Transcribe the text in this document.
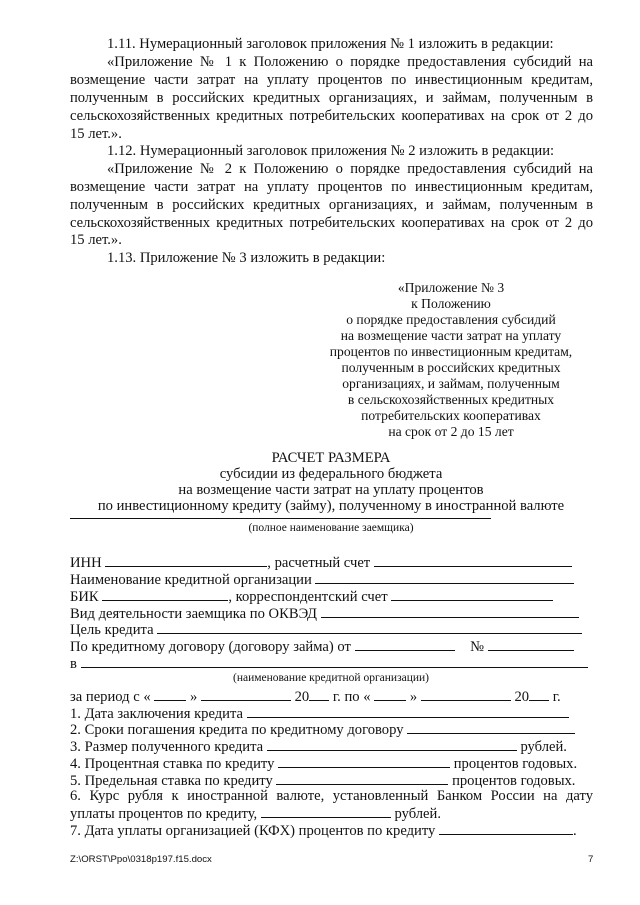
1.11. Нумерационный заголовок приложения № 1 изложить в редакции:
«Приложение № 1 к Положению о порядке предоставления субсидий на
возмещение части затрат на уплату процентов по инвестиционным кредитам,
полученным в российских кредитных организациях, и займам, полученным в
сельскохозяйственных кредитных потребительских кооперативах на срок от 2 до
15 лет.».
1.12. Нумерационный заголовок приложения № 2 изложить в редакции:
«Приложение № 2 к Положению о порядке предоставления субсидий на
возмещение части затрат на уплату процентов по инвестиционным кредитам,
полученным в российских кредитных организациях, и займам, полученным в
сельскохозяйственных кредитных потребительских кооперативах на срок от 2 до
15 лет.».
1.13. Приложение № 3 изложить в редакции:
«Приложение № 3
к Положению
о порядке предоставления субсидий
на возмещение части затрат на уплату
процентов по инвестиционным кредитам,
полученным в российских кредитных
организациях, и займам, полученным
в сельскохозяйственных кредитных
потребительских кооперативах
на срок от 2 до 15 лет
РАСЧЕТ РАЗМЕРА
субсидии из федерального бюджета
на возмещение части затрат на уплату процентов
по инвестиционному кредиту (займу), полученному в иностранной валюте
(полное наименование заемщика)
ИНН	, расчетный счет
Наименование кредитной организации
БИК	, корреспондентский счет
Вид деятельности заемщика по ОКВЭД
Цель кредита
По кредитному договору (договору займа) от	№
в
(наименование кредитной организации)
за период с «	»	20 г. по «	»	20 г.
1. Дата заключения кредита
2. Сроки погашения кредита по кредитному договору
3. Размер полученного кредита	рублей.
4. Процентная ставка по кредиту	процентов годовых.
5. Предельная ставка по кредиту	процентов годовых.
6. Курс рубля к иностранной валюте, установленный Банком России на дату
уплаты процентов по кредиту,	рублей.
7. Дата уплаты организацией (КФХ) процентов по кредиту	.
Z:\ORST\Ppo\0318p197.f15.docx	7
